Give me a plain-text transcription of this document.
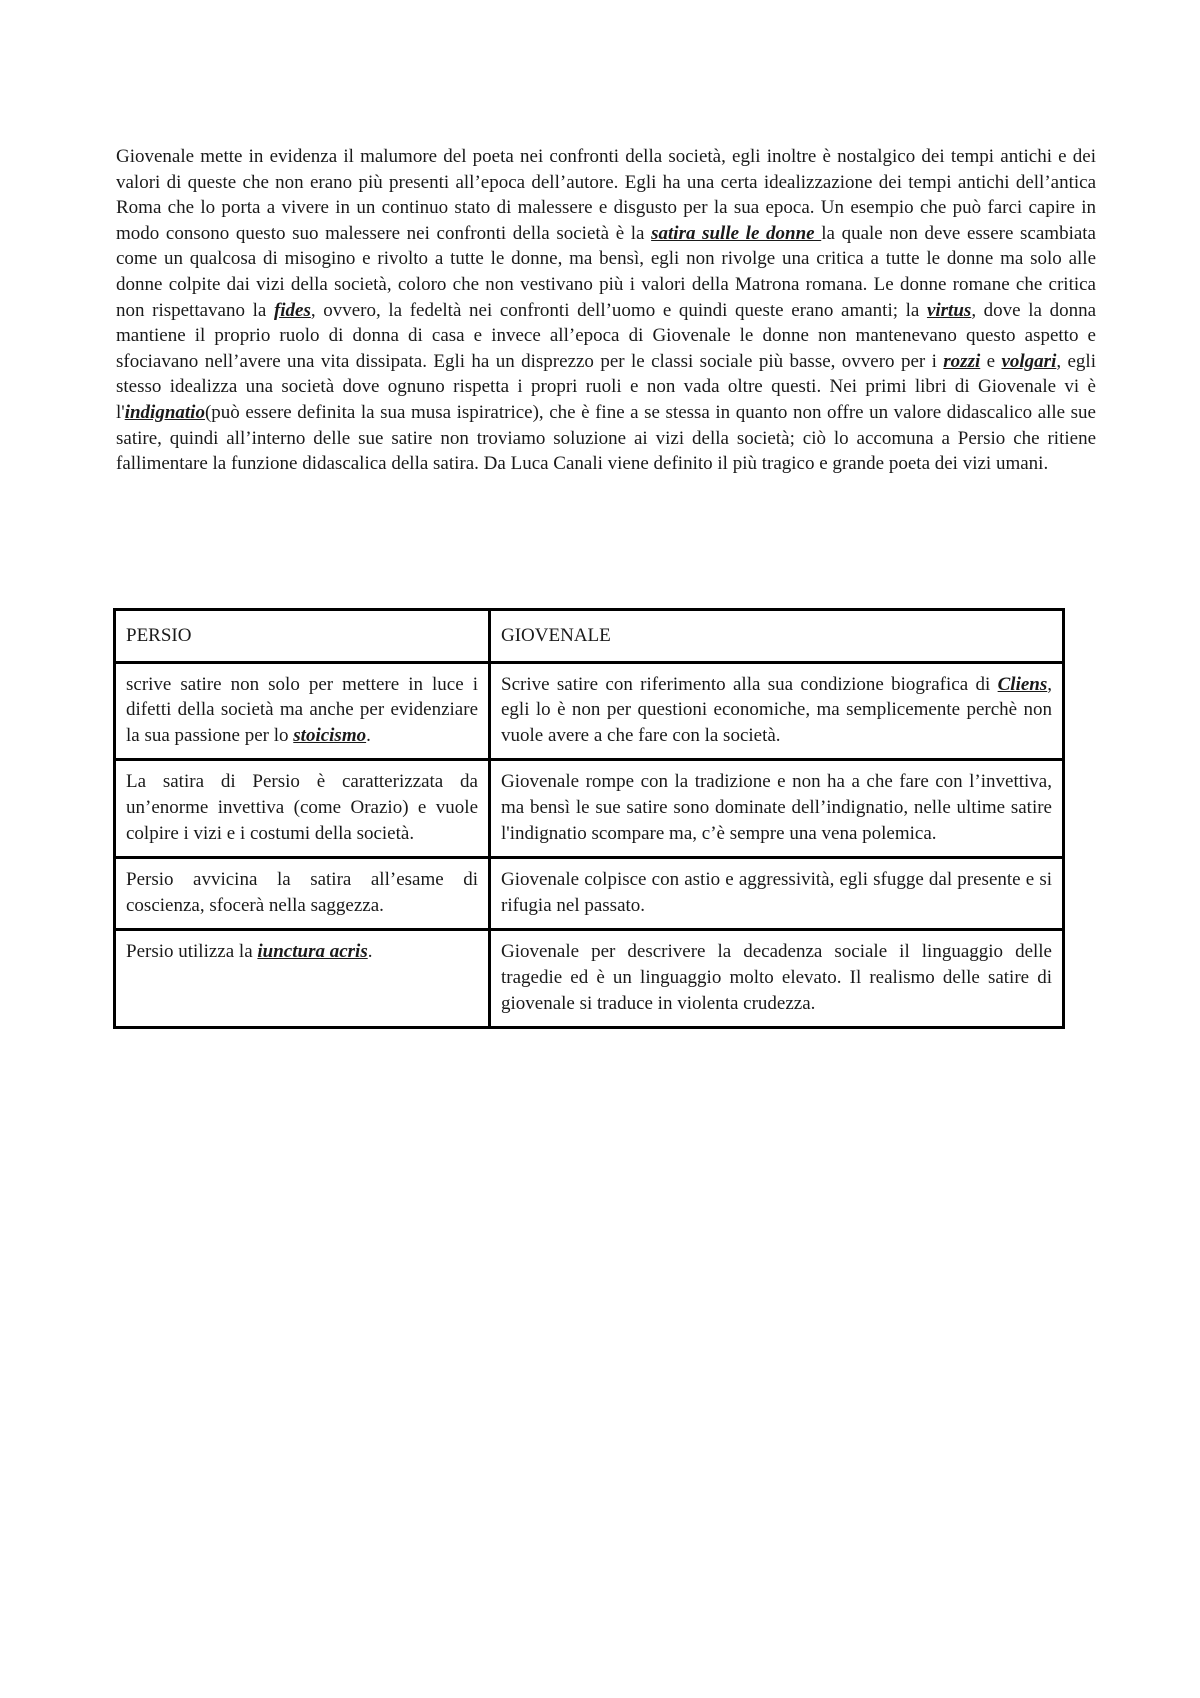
Giovenale mette in evidenza il malumore del poeta nei confronti della società, egli inoltre è nostalgico dei tempi antichi e dei valori di queste che non erano più presenti all’epoca dell’autore. Egli ha una certa idealizzazione dei tempi antichi dell’antica Roma che lo porta a vivere in un continuo stato di malessere e disgusto per la sua epoca. Un esempio che può farci capire in modo consono questo suo malessere nei confronti della società è la satira sulle le donne la quale non deve essere scambiata come un qualcosa di misogino e rivolto a tutte le donne, ma bensì, egli non rivolge una critica a tutte le donne ma solo alle donne colpite dai vizi della società, coloro che non vestivano più i valori della Matrona romana. Le donne romane che critica non rispettavano la fides, ovvero, la fedeltà nei confronti dell’uomo e quindi queste erano amanti; la virtus, dove la donna mantiene il proprio ruolo di donna di casa e invece all’epoca di Giovenale le donne non mantenevano questo aspetto e sfociavano nell’avere una vita dissipata. Egli ha un disprezzo per le classi sociale più basse, ovvero per i rozzi e volgari, egli stesso idealizza una società dove ognuno rispetta i propri ruoli e non vada oltre questi. Nei primi libri di Giovenale vi è l'indignatio(può essere definita la sua musa ispiratrice), che è fine a se stessa in quanto non offre un valore didascalico alle sue satire, quindi all’interno delle sue satire non troviamo soluzione ai vizi della società; ciò lo accomuna a Persio che ritiene fallimentare la funzione didascalica della satira. Da Luca Canali viene definito il più tragico e grande poeta dei vizi umani.

PERSIO	GIOVENALE
scrive satire non solo per mettere in luce i difetti della società ma anche per evidenziare la sua passione per lo stoicismo.	Scrive satire con riferimento alla sua condizione biografica di Cliens, egli lo è non per questioni economiche, ma semplicemente perchè non vuole avere a che fare con la società.
La satira di Persio è caratterizzata da un’enorme invettiva (come Orazio) e vuole colpire i vizi e i costumi della società.	Giovenale rompe con la tradizione e non ha a che fare con l’invettiva, ma bensì le sue satire sono dominate dell’indignatio, nelle ultime satire l'indignatio scompare ma, c’è sempre una vena polemica.
Persio avvicina la satira all’esame di coscienza, sfocerà nella saggezza.	Giovenale colpisce con astio e aggressività, egli sfugge dal presente e si rifugia nel passato.
Persio utilizza la iunctura acris.	Giovenale per descrivere la decadenza sociale il linguaggio delle tragedie ed è un linguaggio molto elevato. Il realismo delle satire di giovenale si traduce in violenta crudezza.
